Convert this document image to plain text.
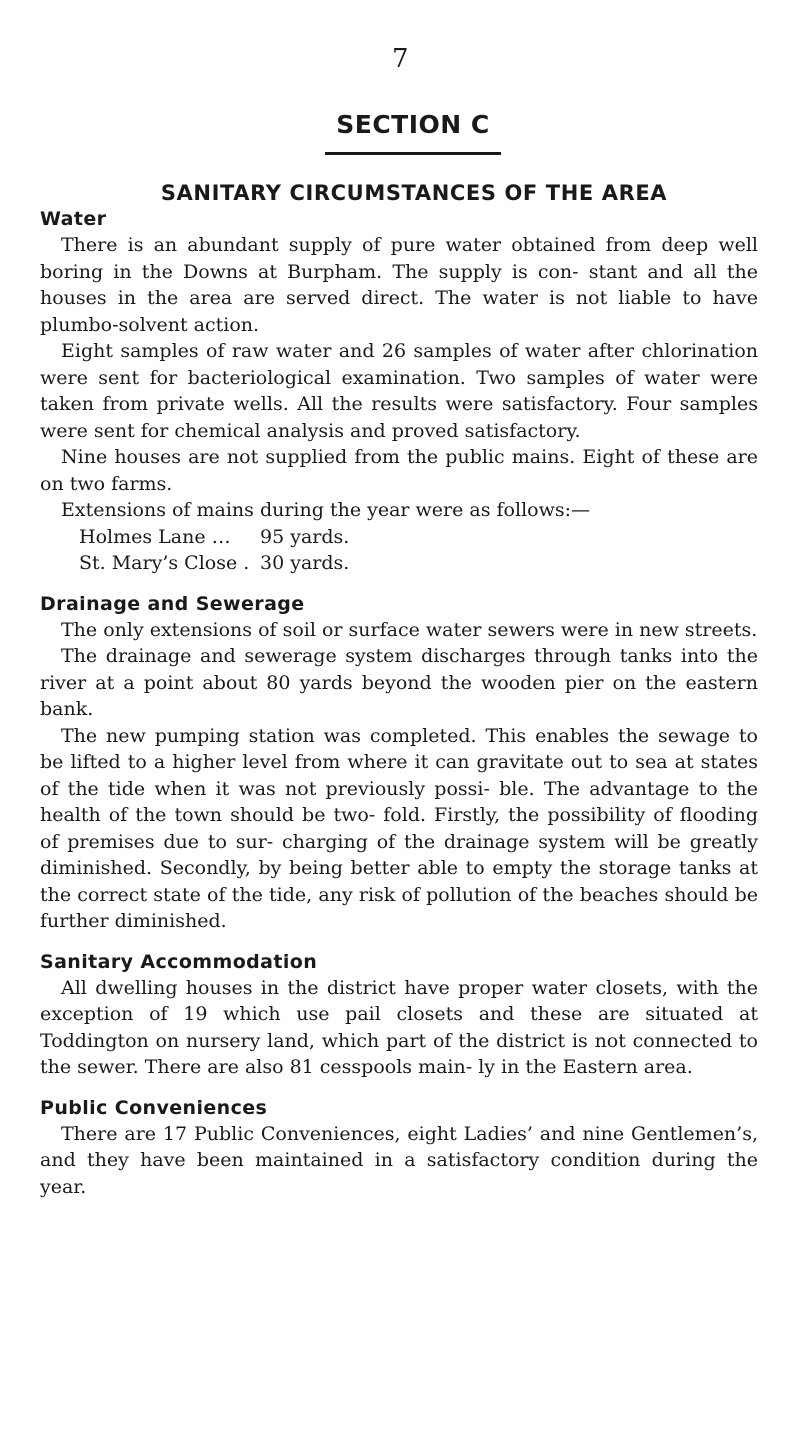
7
SECTION C
SANITARY CIRCUMSTANCES OF THE AREA
Water

There is an abundant supply of pure water obtained from deep well boring in the Downs at Burpham. The supply is con- stant and all the houses in the area are served direct. The water is not liable to have plumbo-solvent action.

Eight samples of raw water and 26 samples of water after chlorination were sent for bacteriological examination. Two samples of water were taken from private wells. All the results were satisfactory. Four samples were sent for chemical analysis and proved satisfactory.

Nine houses are not supplied from the public mains. Eight of these are on two farms.

Extensions of mains during the year were as follows:—

Holmes Lane …	95 yards.
St. Mary’s Close .	30 yards.
Drainage and Sewerage

The only extensions of soil or surface water sewers were in new streets.

The drainage and sewerage system discharges through tanks into the river at a point about 80 yards beyond the wooden pier on the eastern bank.

The new pumping station was completed. This enables the sewage to be lifted to a higher level from where it can gravitate out to sea at states of the tide when it was not previously possi- ble. The advantage to the health of the town should be two- fold. Firstly, the possibility of flooding of premises due to sur- charging of the drainage system will be greatly diminished. Secondly, by being better able to empty the storage tanks at the correct state of the tide, any risk of pollution of the beaches should be further diminished.

Sanitary Accommodation

All dwelling houses in the district have proper water closets, with the exception of 19 which use pail closets and these are situated at Toddington on nursery land, which part of the district is not connected to the sewer. There are also 81 cesspools main- ly in the Eastern area.

Public Conveniences

There are 17 Public Conveniences, eight Ladies’ and nine Gentlemen’s, and they have been maintained in a satisfactory condition during the year.
